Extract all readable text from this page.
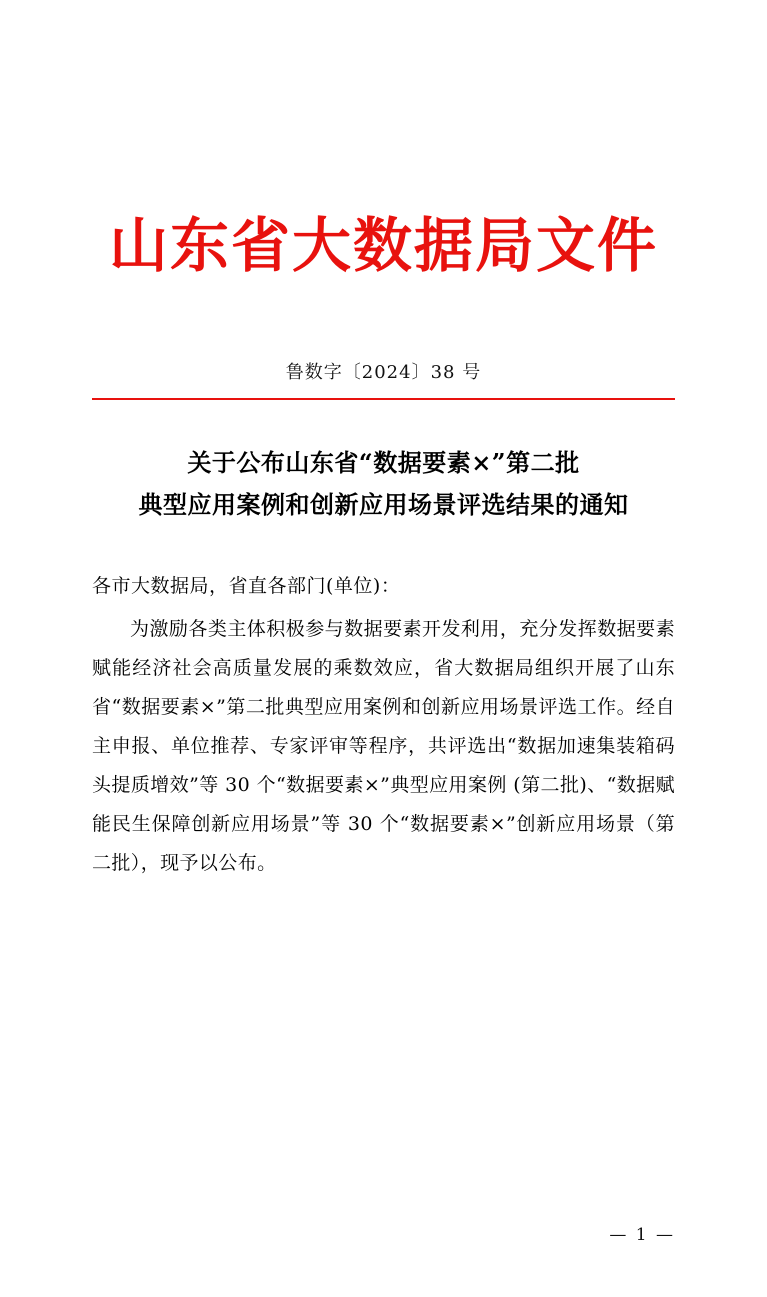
山东省大数据局文件
鲁数字〔2024〕38 号
关于公布山东省“数据要素×”第二批
典型应用案例和创新应用场景评选结果的通知
各市大数据局，省直各部门(单位)：
为激励各类主体积极参与数据要素开发利用，充分发挥数据要素赋能经济社会高质量发展的乘数效应，省大数据局组织开展了山东省“数据要素×”第二批典型应用案例和创新应用场景评选工作。经自主申报、单位推荐、专家评审等程序，共评选出“数据加速集装箱码头提质增效”等 30 个“数据要素×”典型应用案例 (第二批)、“数据赋能民生保障创新应用场景”等 30 个“数据要素×”创新应用场景（第二批），现予以公布。
— 1 —
